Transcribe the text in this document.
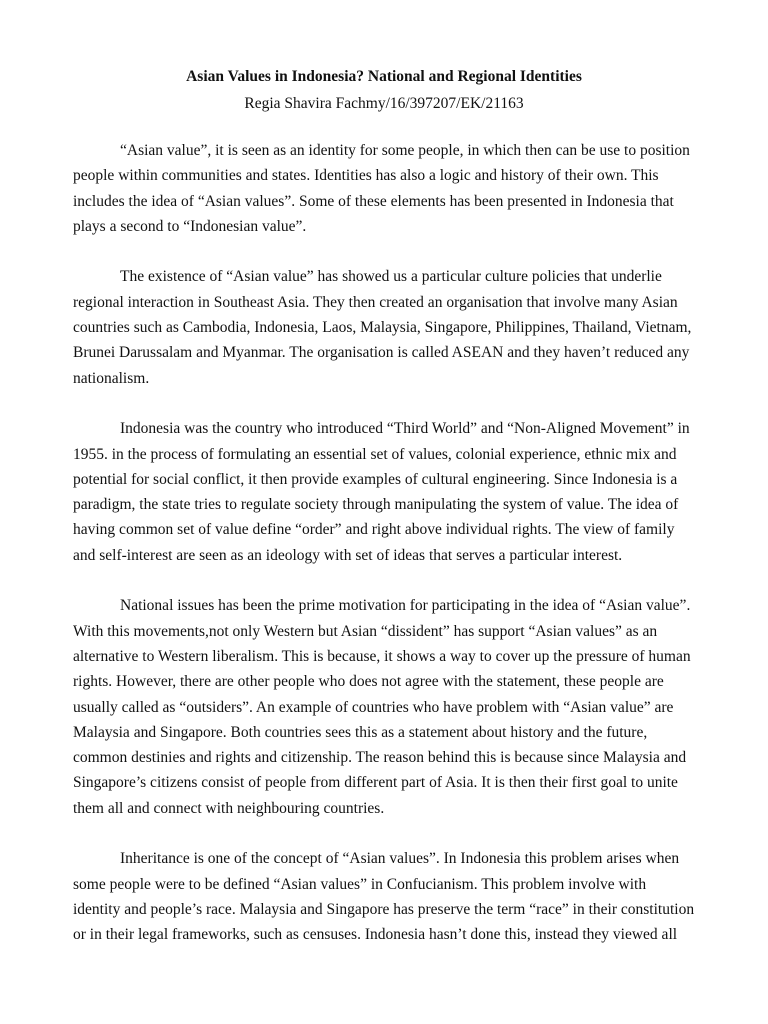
Asian Values in Indonesia? National and Regional Identities

Regia Shavira Fachmy/16/397207/EK/21163

“Asian value”, it is seen as an identity for some people, in which then can be use to position people within communities and states. Identities has also a logic and history of their own. This includes the idea of “Asian values”. Some of these elements has been presented in Indonesia that plays a second to “Indonesian value”.

The existence of “Asian value” has showed us a particular culture policies that underlie regional interaction in Southeast Asia. They then created an organisation that involve many Asian countries such as Cambodia, Indonesia, Laos, Malaysia, Singapore, Philippines, Thailand, Vietnam, Brunei Darussalam and Myanmar. The organisation is called ASEAN and they haven’t reduced any nationalism.

Indonesia was the country who introduced “Third World” and “Non-Aligned Movement” in 1955. in the process of formulating an essential set of values, colonial experience, ethnic mix and potential for social conflict, it then provide examples of cultural engineering. Since Indonesia is a paradigm, the state tries to regulate society through manipulating the system of value. The idea of having common set of value define “order” and right above individual rights. The view of family and self-interest are seen as an ideology with set of ideas that serves a particular interest.

National issues has been the prime motivation for participating in the idea of “Asian value”. With this movements,not only Western but Asian “dissident” has support “Asian values” as an alternative to Western liberalism. This is because, it shows a way to cover up the pressure of human rights. However, there are other people who does not agree with the statement, these people are usually called as “outsiders”. An example of countries who have problem with “Asian value” are Malaysia and Singapore. Both countries sees this as a statement about history and the future, common destinies and rights and citizenship. The reason behind this is because since Malaysia and Singapore’s citizens consist of people from different part of Asia. It is then their first goal to unite them all and connect with neighbouring countries.

Inheritance is one of the concept of “Asian values”. In Indonesia this problem arises when some people were to be defined “Asian values” in Confucianism. This problem involve with identity and people’s race. Malaysia and Singapore has preserve the term “race” in their constitution or in their legal frameworks, such as censuses. Indonesia hasn’t done this, instead they viewed all
